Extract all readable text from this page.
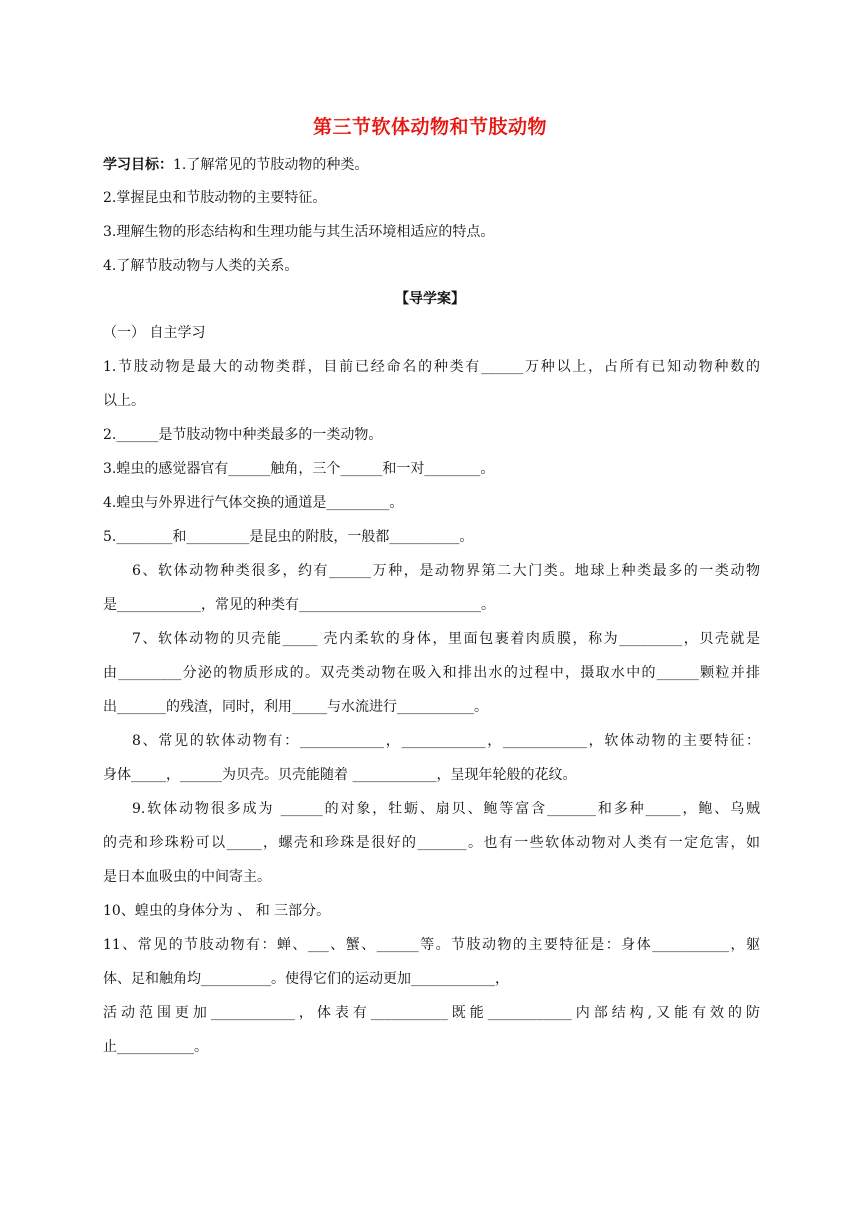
第三节软体动物和节肢动物
学习目标：1.了解常见的节肢动物的种类。
2.掌握昆虫和节肢动物的主要特征。
3.理解生物的形态结构和生理功能与其生活环境相适应的特点。
4.了解节肢动物与人类的关系。
【导学案】
（一） 自主学习
1.节肢动物是最大的动物类群，目前已经命名的种类有______万种以上，占所有已知动物种数的
以上。
2.______是节肢动物中种类最多的一类动物。
3.蝗虫的感觉器官有______触角，三个______和一对________。
4.蝗虫与外界进行气体交换的通道是_________。
5.________和_________是昆虫的附肢，一般都__________。
6、软体动物种类很多，约有______万种，是动物界第二大门类。地球上种类最多的一类动物
是____________，常见的种类有__________________________。
7、软体动物的贝壳能_____ 壳内柔软的身体，里面包裹着肉质膜，称为_________，贝壳就是
由_________分泌的物质形成的。双壳类动物在吸入和排出水的过程中，摄取水中的______颗粒并排
出_______的残渣，同时，利用_____与水流进行___________。
8、常见的软体动物有：____________，____________，____________，软体动物的主要特征：
身体_____，______为贝壳。贝壳能随着 ____________，呈现年轮般的花纹。
9.软体动物很多成为 ______的对象，牡蛎、扇贝、鲍等富含_______和多种_____，鲍、乌贼
的壳和珍珠粉可以_____，螺壳和珍珠是很好的_______。也有一些软体动物对人类有一定危害，如
是日本血吸虫的中间寄主。
10、蝗虫的身体分为 、 和 三部分。
11、常见的节肢动物有：蝉、___、蟹、______等。节肢动物的主要特征是：身体___________，躯
体、足和触角均__________。使得它们的运动更加____________，
活动范围更加____________，体表有___________既能____________内部结构,又能有效的防
止___________。
